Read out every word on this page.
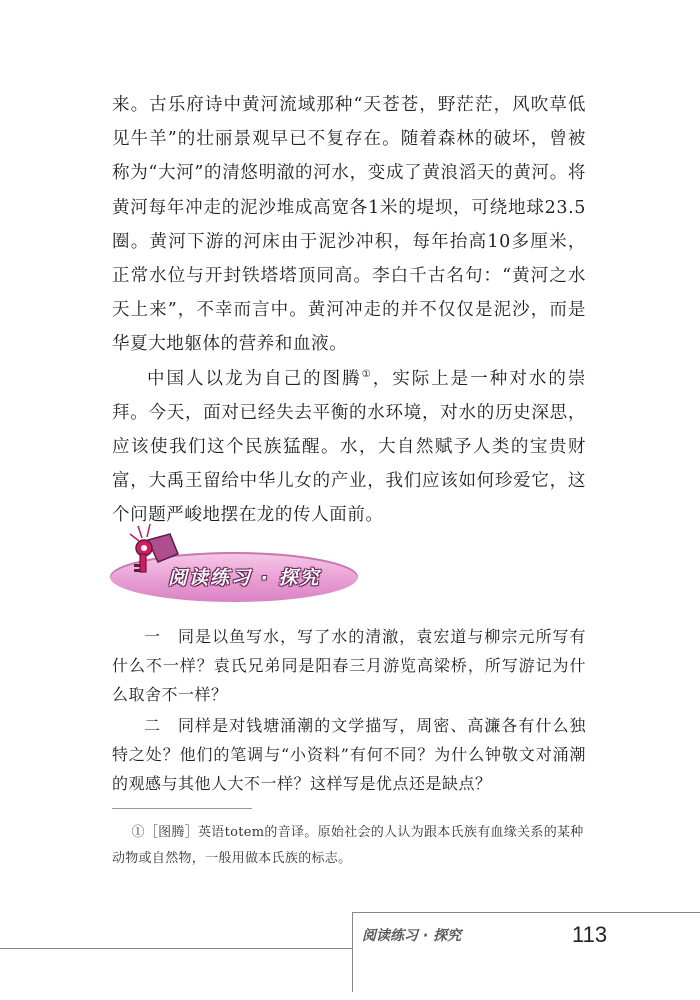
来。古乐府诗中黄河流域那种“天苍苍，野茫茫，风吹草低见牛羊”的壮丽景观早已不复存在。随着森林的破坏，曾被称为“大河”的清悠明澈的河水，变成了黄浪滔天的黄河。将黄河每年冲走的泥沙堆成高宽各1米的堤坝，可绕地球23.5圈。黄河下游的河床由于泥沙冲积，每年抬高10多厘米，正常水位与开封铁塔塔顶同高。李白千古名句：“黄河之水天上来”，不幸而言中。黄河冲走的并不仅仅是泥沙，而是华夏大地躯体的营养和血液。

中国人以龙为自己的图腾①，实际上是一种对水的崇拜。今天，面对已经失去平衡的水环境，对水的历史深思，应该使我们这个民族猛醒。水，大自然赋予人类的宝贵财富，大禹王留给中华儿女的产业，我们应该如何珍爱它，这个问题严峻地摆在龙的传人面前。

阅读练习 · 探究

一　同是以鱼写水，写了水的清澈，袁宏道与柳宗元所写有什么不一样？袁氏兄弟同是阳春三月游览高梁桥，所写游记为什么取舍不一样？

二　同样是对钱塘涌潮的文学描写，周密、高濂各有什么独特之处？他们的笔调与“小资料”有何不同？为什么钟敬文对涌潮的观感与其他人大不一样？这样写是优点还是缺点？

①［图腾］英语totem的音译。原始社会的人认为跟本氏族有血缘关系的某种动物或自然物，一般用做本氏族的标志。

阅读练习 · 探究	113
